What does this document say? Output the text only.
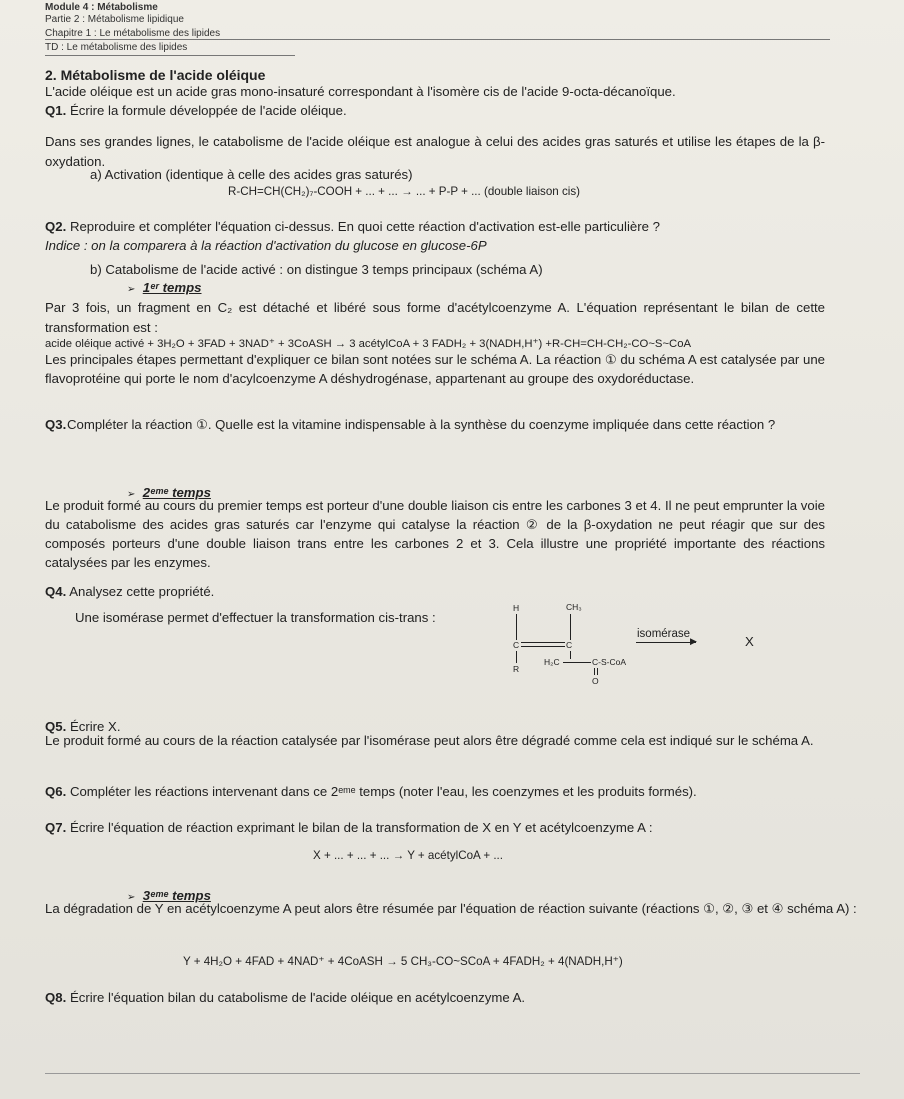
Module 4 : Métabolisme
Partie 2 : Métabolisme lipidique
Chapitre 1 : Le métabolisme des lipides
TD : Le métabolisme des lipides
2. Métabolisme de l'acide oléique
L'acide oléique est un acide gras mono-insaturé correspondant à l'isomère cis de l'acide 9-octa-décanoïque.
Q1. Écrire la formule développée de l'acide oléique.
Dans ses grandes lignes, le catabolisme de l'acide oléique est analogue à celui des acides gras saturés et utilise les étapes de la β-oxydation.
a) Activation (identique à celle des acides gras saturés)
R-CH=CH(CH₂)₇-COOH + ... + ... → ... + P-P + ... (double liaison cis)
Q2. Reproduire et compléter l'équation ci-dessus. En quoi cette réaction d'activation est-elle particulière ?
Indice : on la comparera à la réaction d'activation du glucose en glucose-6P
b) Catabolisme de l'acide activé : on distingue 3 temps principaux (schéma A)
➢ 1ᵉʳ temps
Par 3 fois, un fragment en C₂ est détaché et libéré sous forme d'acétylcoenzyme A. L'équation représentant le bilan de cette transformation est :
acide oléique activé + 3H₂O + 3FAD + 3NAD⁺ + 3CoASH → 3 acétylCoA + 3 FADH₂ + 3(NADH,H⁺) +R-CH=CH-CH₂-CO~S~CoA
Les principales étapes permettant d'expliquer ce bilan sont notées sur le schéma A. La réaction ① du schéma A est catalysée par une flavoprotéine qui porte le nom d'acylcoenzyme A déshydrogénase, appartenant au groupe des oxydoréductase.
Q3. Compléter la réaction ①. Quelle est la vitamine indispensable à la synthèse du coenzyme impliquée dans cette réaction ?
➢ 2ᵉᵐᵉ temps
Le produit formé au cours du premier temps est porteur d'une double liaison cis entre les carbones 3 et 4. Il ne peut emprunter la voie du catabolisme des acides gras saturés car l'enzyme qui catalyse la réaction ② de la β-oxydation ne peut réagir que sur des composés porteurs d'une double liaison trans entre les carbones 2 et 3. Cela illustre une propriété importante des réactions catalysées par les enzymes.
Q4. Analysez cette propriété.
Une isomérase permet d'effectuer la transformation cis-trans :
H	CH₃
C	C
R
H₂C	C-S-CoA
O
isomérase
▶	X
Q5. Écrire X.
Le produit formé au cours de la réaction catalysée par l'isomérase peut alors être dégradé comme cela est indiqué sur le schéma A.
Q6. Compléter les réactions intervenant dans ce 2ᵉᵐᵉ temps (noter l'eau, les coenzymes et les produits formés).
Q7. Écrire l'équation de réaction exprimant le bilan de la transformation de X en Y et acétylcoenzyme A :
X + ... + ... + ... → Y + acétylCoA + ...
➢ 3ᵉᵐᵉ temps
La dégradation de Y en acétylcoenzyme A peut alors être résumée par l'équation de réaction suivante (réactions ①, ②, ③ et ④ schéma A) :
Y + 4H₂O + 4FAD + 4NAD⁺ + 4CoASH → 5 CH₃-CO~SCoA + 4FADH₂ + 4(NADH,H⁺)
Q8. Écrire l'équation bilan du catabolisme de l'acide oléique en acétylcoenzyme A.
